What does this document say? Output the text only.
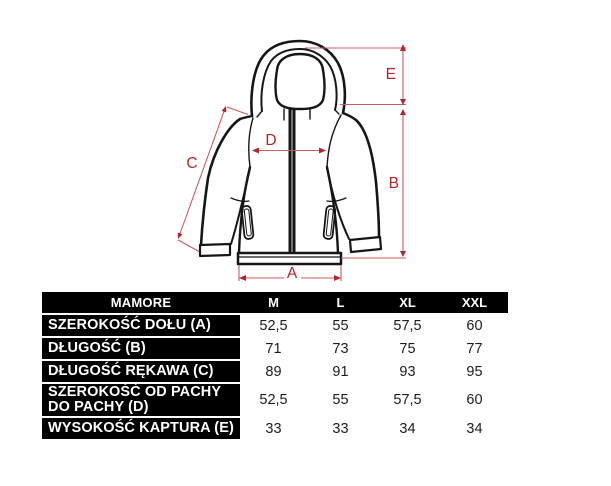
A
B
C
D
E
MAMORE	M	L	XL	XXL
SZEROKOŚĆ DOŁU (A)	52,5	55	57,5	60
DŁUGOŚĆ (B)	71	73	75	77
DŁUGOŚĆ RĘKAWA (C)	89	91	93	95
SZEROKOŚĆ OD PACHY
DO PACHY (D)	52,5	55	57,5	60
WYSOKOŚĆ KAPTURA (E)	33	33	34	34
